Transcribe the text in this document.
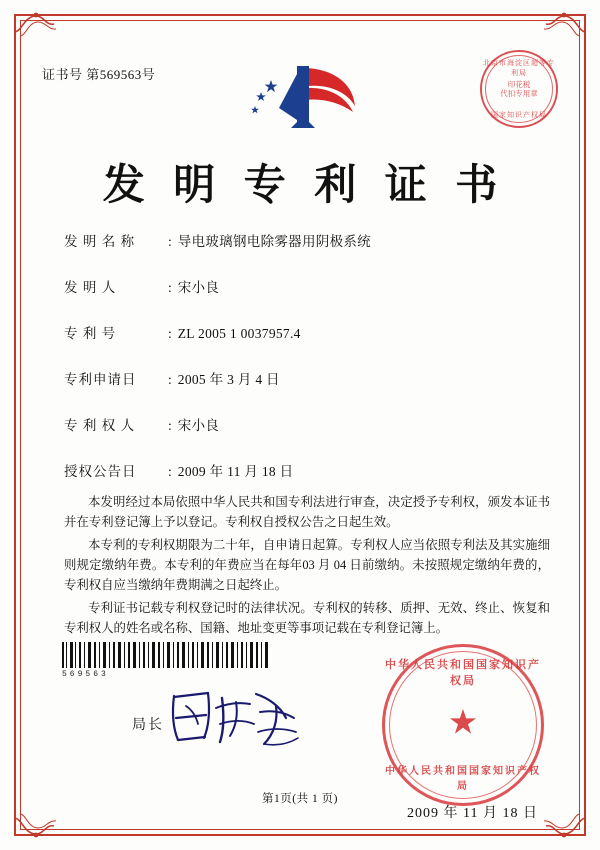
证书号 第569563号
北京市海淀区超等专利局
印花税
代扣专用章
国家知识产权局
发 明 专 利 证 书
发 明 名 称	: 导电玻璃钢电除雾器用阴极系统
发 明 人	: 宋小良
专 利 号	: ZL 2005 1 0037957.4
专利申请日	: 2005 年 3 月 4 日
专 利 权 人	: 宋小良
授权公告日	: 2009 年 11 月 18 日

本发明经过本局依照中华人民共和国专利法进行审查，决定授予专利权，颁发本证书并在专利登记簿上予以登记。专利权自授权公告之日起生效。

本专利的专利权期限为二十年，自申请日起算。专利权人应当依照专利法及其实施细则规定缴纳年费。本专利的年费应当在每年03 月 04 日前缴纳。未按照规定缴纳年费的，专利权自应当缴纳年费期满之日起终止。

专利证书记载专利权登记时的法律状况。专利权的转移、质押、无效、终止、恢复和专利权人的姓名或名称、国籍、地址变更等事项记载在专利登记簿上。

569563
局长
中华人民共和国国家知识产权局
★
中华人民共和国国家知识产权局
2009 年 11 月 18 日
第1页(共 1 页)
